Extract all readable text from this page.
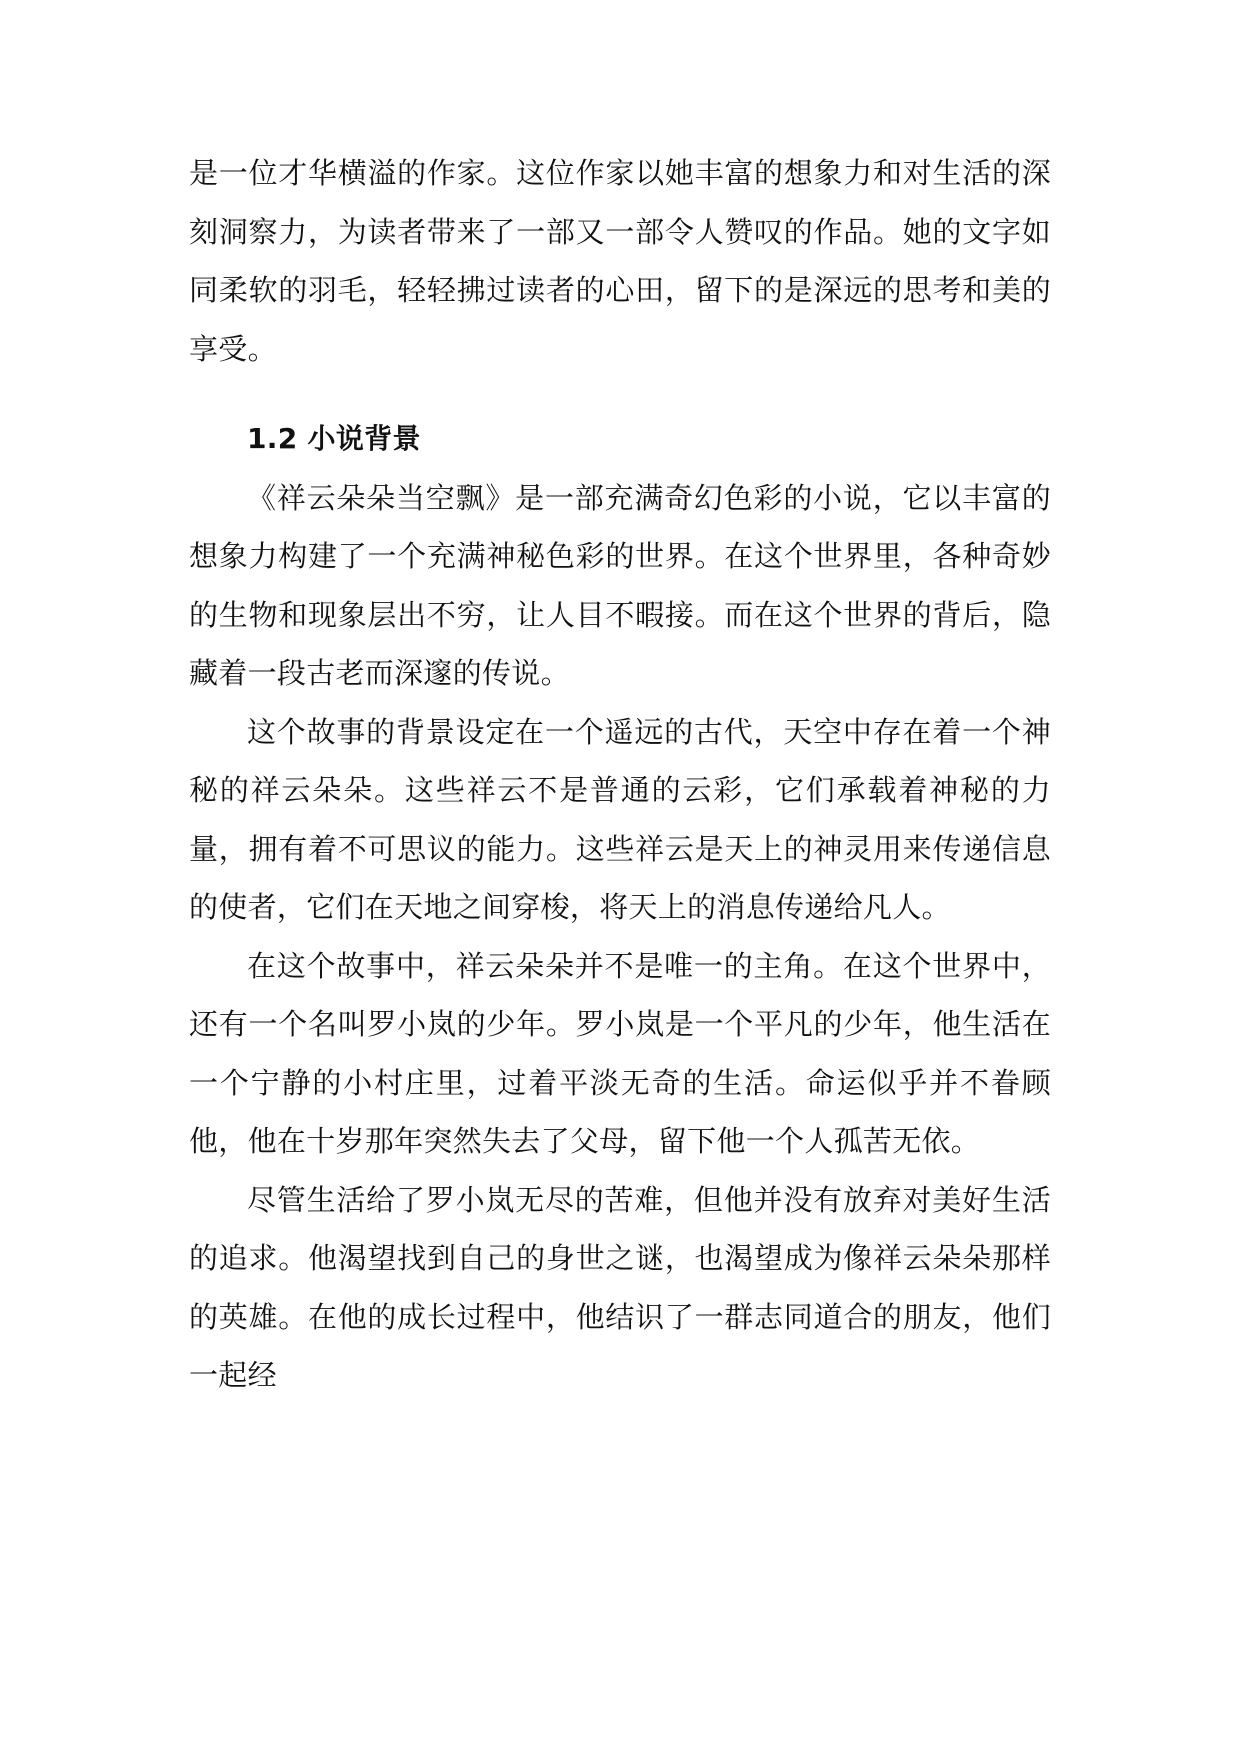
是一位才华横溢的作家。这位作家以她丰富的想象力和对生活的深刻洞察力，为读者带来了一部又一部令人赞叹的作品。她的文字如同柔软的羽毛，轻轻拂过读者的心田，留下的是深远的思考和美的享受。

1.2 小说背景

《祥云朵朵当空飘》是一部充满奇幻色彩的小说，它以丰富的想象力构建了一个充满神秘色彩的世界。在这个世界里，各种奇妙的生物和现象层出不穷，让人目不暇接。而在这个世界的背后，隐藏着一段古老而深邃的传说。

这个故事的背景设定在一个遥远的古代，天空中存在着一个神秘的祥云朵朵。这些祥云不是普通的云彩，它们承载着神秘的力量，拥有着不可思议的能力。这些祥云是天上的神灵用来传递信息的使者，它们在天地之间穿梭，将天上的消息传递给凡人。

在这个故事中，祥云朵朵并不是唯一的主角。在这个世界中，还有一个名叫罗小岚的少年。罗小岚是一个平凡的少年，他生活在一个宁静的小村庄里，过着平淡无奇的生活。命运似乎并不眷顾他，他在十岁那年突然失去了父母，留下他一个人孤苦无依。

尽管生活给了罗小岚无尽的苦难，但他并没有放弃对美好生活的追求。他渴望找到自己的身世之谜，也渴望成为像祥云朵朵那样的英雄。在他的成长过程中，他结识了一群志同道合的朋友，他们一起经
